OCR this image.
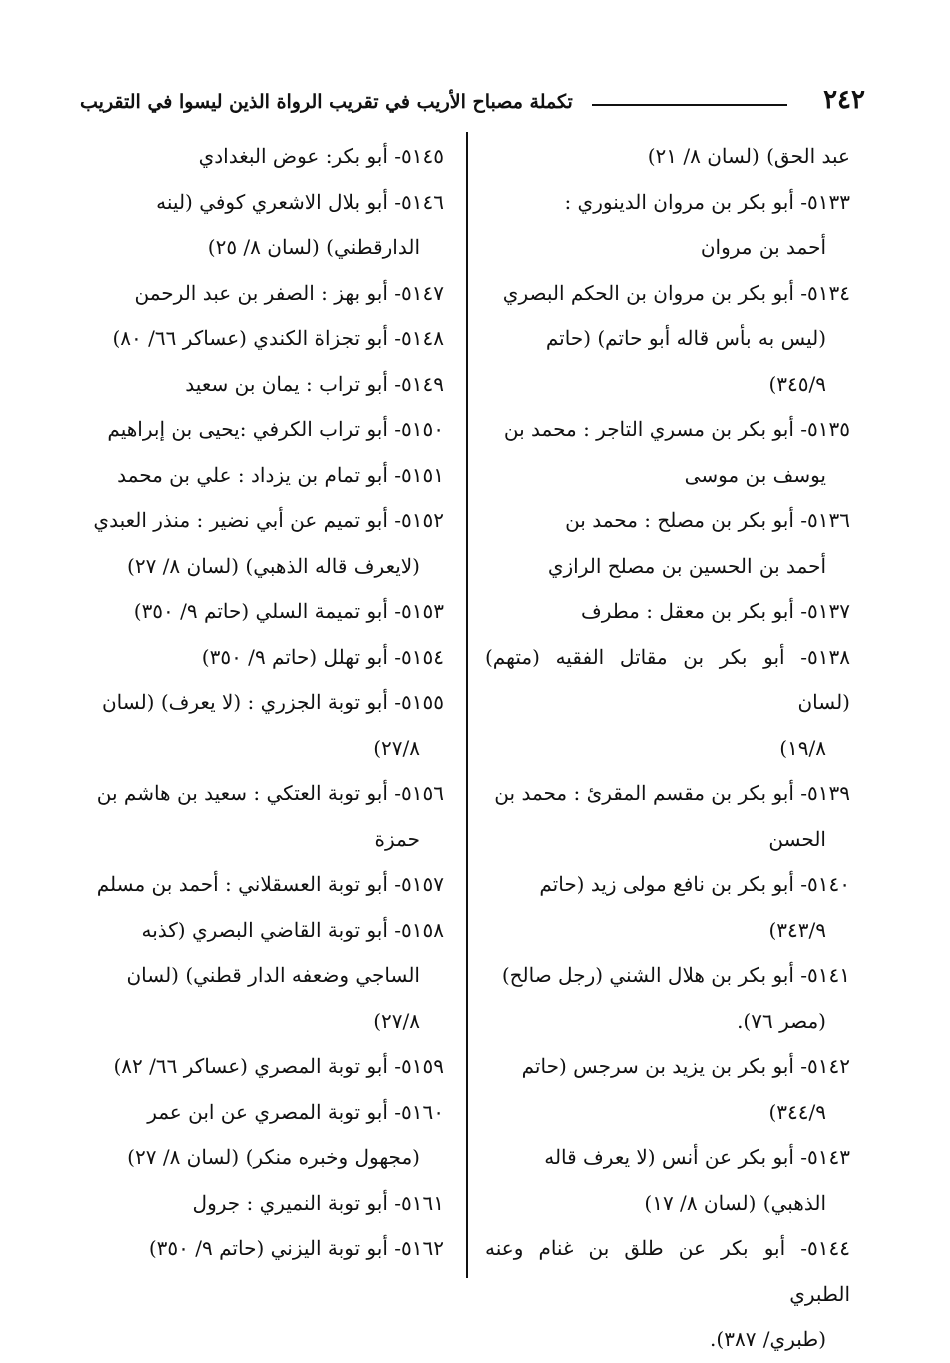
٢٤٢
تكملة مصباح الأريب في تقريب الرواة الذين ليسوا في التقريب
عبد الحق) (لسان ٨/ ٢١)
٥١٣٣- أبو بكر بن مروان الدينوري :
أحمد بن مروان
٥١٣٤- أبو بكر بن مروان بن الحكم البصري
(ليس به بأس قاله أبو حاتم) (حاتم
٣٤٥/٩)
٥١٣٥- أبو بكر بن مسري التاجر : محمد بن
يوسف بن موسى
٥١٣٦- أبو بكر بن مصلح : محمد بن
أحمد بن الحسين بن مصلح الرازي
٥١٣٧- أبو بكر بن معقل : مطرف
٥١٣٨- أبو بكر بن مقاتل الفقيه (متهم) (لسان
١٩/٨)
٥١٣٩- أبو بكر بن مقسم المقرئ : محمد بن
الحسن
٥١٤٠- أبو بكر بن نافع مولى زيد (حاتم
٣٤٣/٩)
٥١٤١- أبو بكر بن هلال الشني (رجل صالح)
(مصر ٧٦).
٥١٤٢- أبو بكر بن يزيد بن سرجس (حاتم
٣٤٤/٩)
٥١٤٣- أبو بكر عن أنس (لا يعرف قاله
الذهبي) (لسان ٨/ ١٧)
٥١٤٤- أبو بكر عن طلق بن غنام وعنه الطبري
(طبري/ ٣٨٧).
٥١٤٥- أبو بكر: عوض البغدادي
٥١٤٦- أبو بلال الاشعري كوفي (لينه
الدارقطني) (لسان ٨/ ٢٥)
٥١٤٧- أبو بهز : الصفر بن عبد الرحمن
٥١٤٨- أبو تجزاة الكندي (عساكر ٦٦/ ٨٠)
٥١٤٩- أبو تراب : يمان بن سعيد
٥١٥٠- أبو تراب الكرفي :يحيى بن إبراهيم
٥١٥١- أبو تمام بن يزداد : علي بن محمد
٥١٥٢- أبو تميم عن أبي نضير : منذر العبدي
(لايعرف قاله الذهبي) (لسان ٨/ ٢٧)
٥١٥٣- أبو تميمة السلي (حاتم ٩/ ٣٥٠)
٥١٥٤- أبو تهلل (حاتم ٩/ ٣٥٠)
٥١٥٥- أبو توبة الجزري : (لا يعرف) (لسان
٢٧/٨)
٥١٥٦- أبو توبة العتكي : سعيد بن هاشم بن
حمزة
٥١٥٧- أبو توبة العسقلاني : أحمد بن مسلم
٥١٥٨- أبو توبة القاضي البصري (كذبه
الساجي وضعفه الدار قطني) (لسان
٢٧/٨)
٥١٥٩- أبو توبة المصري (عساكر ٦٦/ ٨٢)
٥١٦٠- أبو توبة المصري عن ابن عمر
(مجهول وخبره منكر) (لسان ٨/ ٢٧)
٥١٦١- أبو توبة النميري : جرول
٥١٦٢- أبو توبة اليزني (حاتم ٩/ ٣٥٠)
